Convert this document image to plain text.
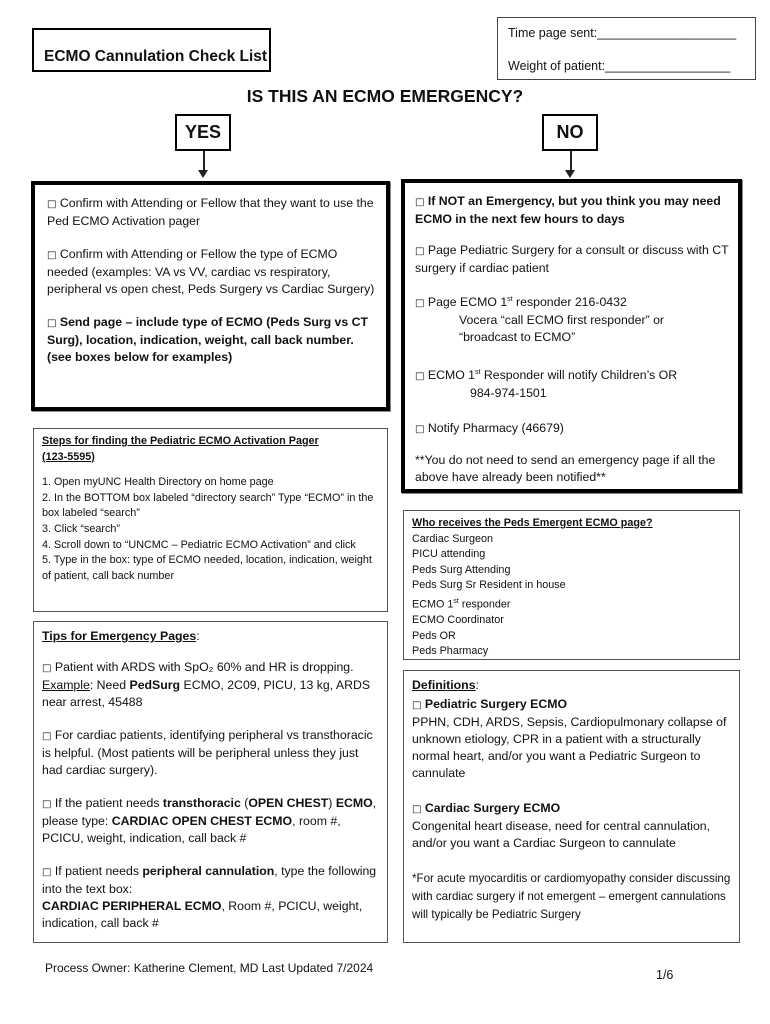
ECMO Cannulation Check List
Time page sent:____________________
Weight of patient:__________________
IS THIS AN ECMO EMERGENCY?
YES	NO

□ Confirm with Attending or Fellow that they want to use the Ped ECMO Activation pager

□ Confirm with Attending or Fellow the type of ECMO needed (examples: VA vs VV, cardiac vs respiratory, peripheral vs open chest, Peds Surgery vs Cardiac Surgery)

□ Send page – include type of ECMO (Peds Surg vs CT Surg), location, indication, weight, call back number.
(see boxes below for examples)

□ If NOT an Emergency, but you think you may need ECMO in the next few hours to days

□ Page Pediatric Surgery for a consult or discuss with CT surgery if cardiac patient

□ Page ECMO 1st responder 216-0432
Vocera “call ECMO first responder” or
“broadcast to ECMO”

□ ECMO 1st Responder will notify Children’s OR
984-974-1501

□ Notify Pharmacy (46679)

**You do not need to send an emergency page if all the above have already been notified**

Steps for finding the Pediatric ECMO Activation Pager
(123-5595)
1. Open myUNC Health Directory on home page
2. In the BOTTOM box labeled “directory search” Type “ECMO” in the box labeled “search”
3. Click “search”
4. Scroll down to “UNCMC – Pediatric ECMO Activation” and click
5. Type in the box: type of ECMO needed, location, indication, weight of patient, call back number

Tips for Emergency Pages:

□ Patient with ARDS with SpO₂ 60% and HR is dropping.
Example: Need PedSurg ECMO, 2C09, PICU, 13 kg, ARDS near arrest, 45488

□ For cardiac patients, identifying peripheral vs transthoracic is helpful. (Most patients will be peripheral unless they just had cardiac surgery).

□ If the patient needs transthoracic (OPEN CHEST) ECMO, please type: CARDIAC OPEN CHEST ECMO, room #, PCICU, weight, indication, call back #

□ If patient needs peripheral cannulation, type the following into the text box:
CARDIAC PERIPHERAL ECMO, Room #, PCICU, weight, indication, call back #

Who receives the Peds Emergent ECMO page?
Cardiac Surgeon
PICU attending
Peds Surg Attending
Peds Surg Sr Resident in house
ECMO 1st responder
ECMO Coordinator
Peds OR
Peds Pharmacy
Definitions:
□ Pediatric Surgery ECMO

PPHN, CDH, ARDS, Sepsis, Cardiopulmonary collapse of unknown etiology, CPR in a patient with a structurally normal heart, and/or you want a Pediatric Surgeon to cannulate

□ Cardiac Surgery ECMO

Congenital heart disease, need for central cannulation, and/or you want a Cardiac Surgeon to cannulate

*For acute myocarditis or cardiomyopathy consider discussing with cardiac surgery if not emergent – emergent cannulations will typically be Pediatric Surgery

Process Owner: Katherine Clement, MD Last Updated 7/2024	1/6
